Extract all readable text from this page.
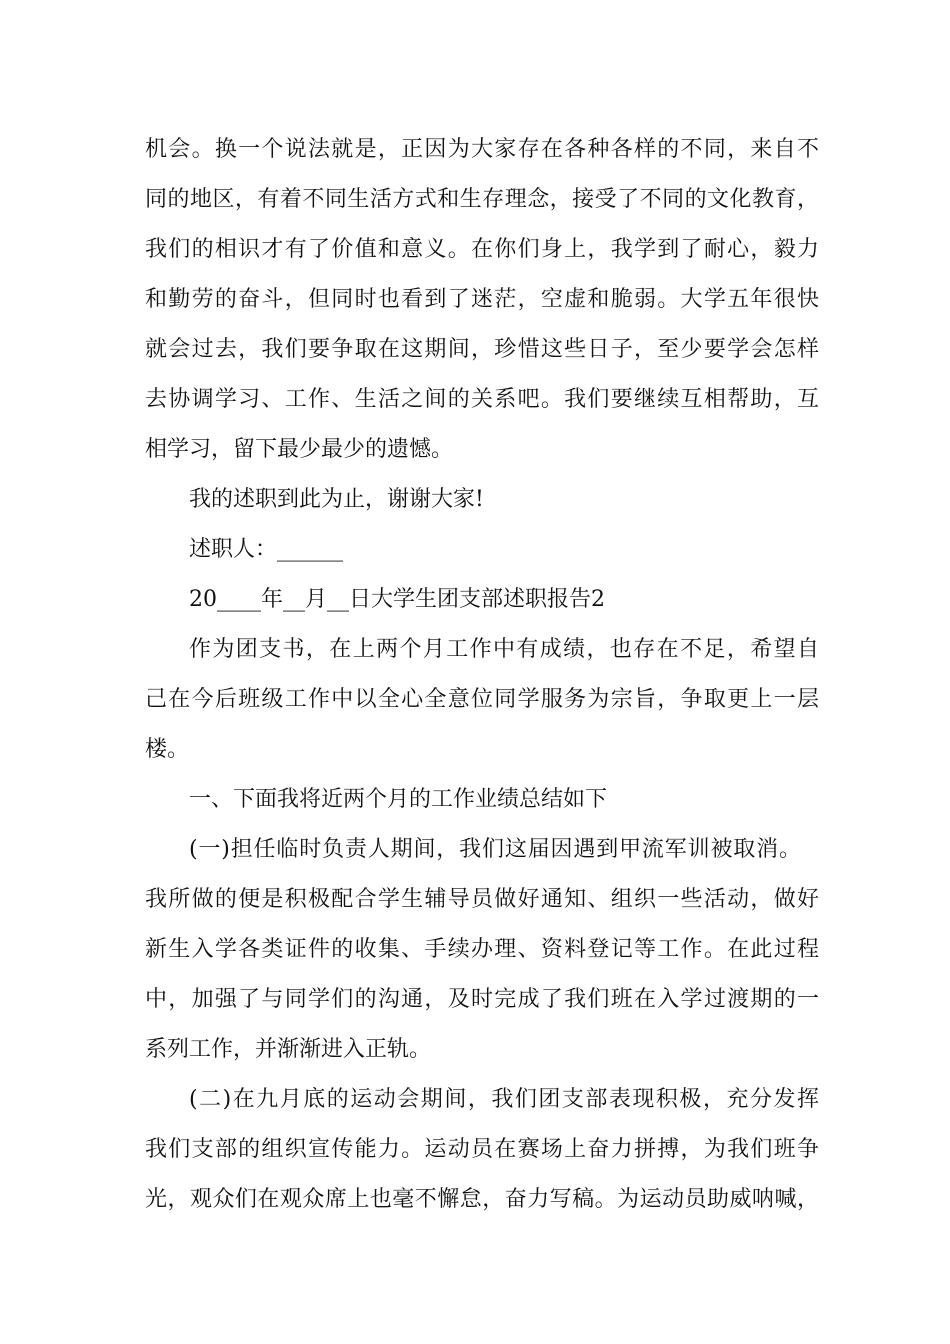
机会。换一个说法就是，正因为大家存在各种各样的不同，来自不
同的地区，有着不同生活方式和生存理念，接受了不同的文化教育，
我们的相识才有了价值和意义。在你们身上，我学到了耐心，毅力
和勤劳的奋斗，但同时也看到了迷茫，空虚和脆弱。大学五年很快
就会过去，我们要争取在这期间，珍惜这些日子，至少要学会怎样
去协调学习、工作、生活之间的关系吧。我们要继续互相帮助，互
相学习，留下最少最少的遗憾。
我的述职到此为止，谢谢大家!
述职人：______
20____年__月__日大学生团支部述职报告2
作为团支书，在上两个月工作中有成绩，也存在不足，希望自
己在今后班级工作中以全心全意位同学服务为宗旨，争取更上一层
楼。
一、下面我将近两个月的工作业绩总结如下
(一)担任临时负责人期间，我们这届因遇到甲流军训被取消。
我所做的便是积极配合学生辅导员做好通知、组织一些活动，做好
新生入学各类证件的收集、手续办理、资料登记等工作。在此过程
中，加强了与同学们的沟通，及时完成了我们班在入学过渡期的一
系列工作，并渐渐进入正轨。
(二)在九月底的运动会期间，我们团支部表现积极，充分发挥
我们支部的组织宣传能力。运动员在赛场上奋力拼搏，为我们班争
光，观众们在观众席上也毫不懈怠，奋力写稿。为运动员助威呐喊，
